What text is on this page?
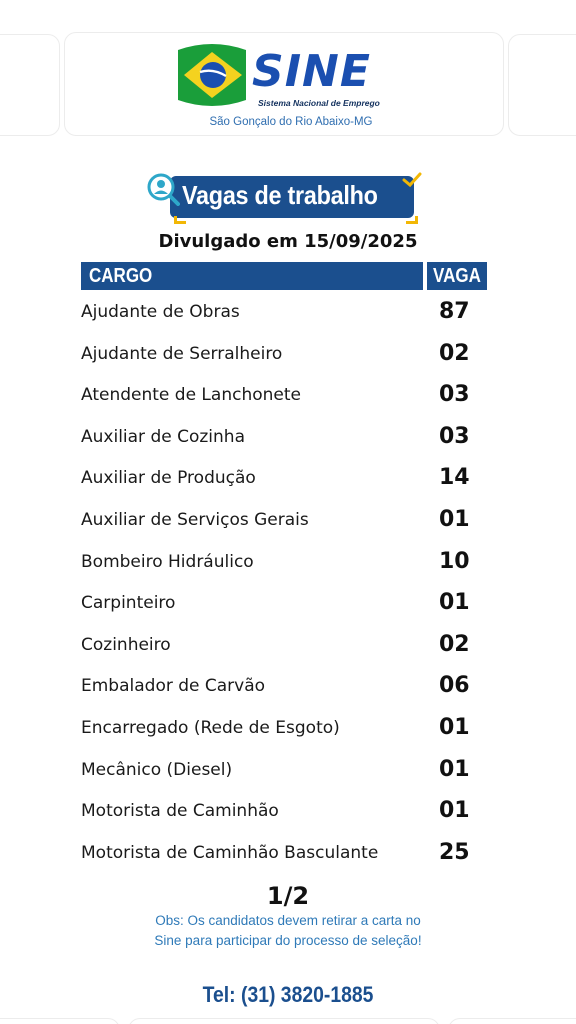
SINE
Sistema Nacional de Emprego
São Gonçalo do Rio Abaixo-MG
Vagas de trabalho
Divulgado em 15/09/2025
CARGO	VAGA
Ajudante de Obras	87
Ajudante de Serralheiro	02
Atendente de Lanchonete	03
Auxiliar de Cozinha	03
Auxiliar de Produção	14
Auxiliar de Serviços Gerais	01
Bombeiro Hidráulico	10
Carpinteiro	01
Cozinheiro	02
Embalador de Carvão	06
Encarregado (Rede de Esgoto)	01
Mecânico (Diesel)	01
Motorista de Caminhão	01
Motorista de Caminhão Basculante	25
1/2
Obs: Os candidatos devem retirar a carta no
Sine para participar do processo de seleção!
Tel: (31) 3820-1885
